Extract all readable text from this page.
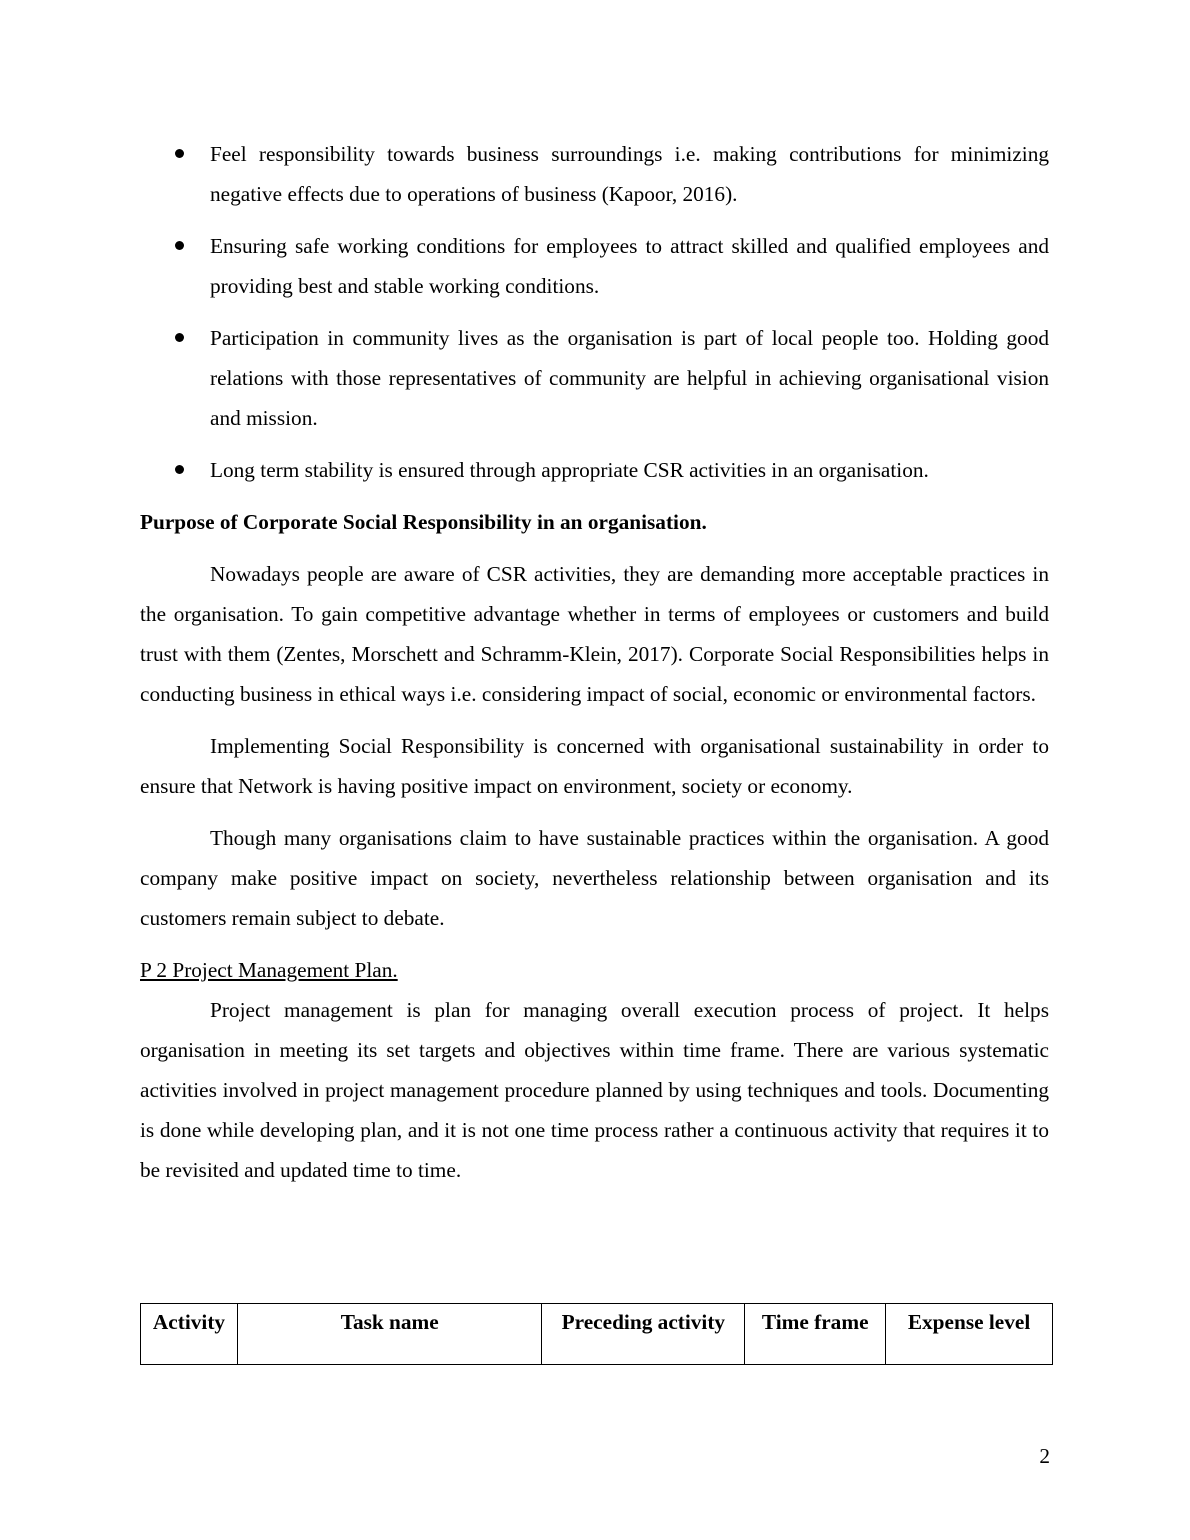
Feel responsibility towards business surroundings i.e. making contributions for minimizing negative effects due to operations of business (Kapoor, 2016).
Ensuring safe working conditions for employees to attract skilled and qualified employees and providing best and stable working conditions.
Participation in community lives as the organisation is part of local people too. Holding good relations with those representatives of community are helpful in achieving organisational vision and mission.
Long term stability is ensured through appropriate CSR activities in an organisation.

Purpose of Corporate Social Responsibility in an organisation.

Nowadays people are aware of CSR activities, they are demanding more acceptable practices in the organisation. To gain competitive advantage whether in terms of employees or customers and build trust with them (Zentes, Morschett and Schramm-Klein, 2017). Corporate Social Responsibilities helps in conducting business in ethical ways i.e. considering impact of social, economic or environmental factors.

Implementing Social Responsibility is concerned with organisational sustainability in order to ensure that Network is having positive impact on environment, society or economy.

Though many organisations claim to have sustainable practices within the organisation. A good company make positive impact on society, nevertheless relationship between organisation and its customers remain subject to debate.

P 2 Project Management Plan.

Project management is plan for managing overall execution process of project. It helps organisation in meeting its set targets and objectives within time frame. There are various systematic activities involved in project management procedure planned by using techniques and tools. Documenting is done while developing plan, and it is not one time process rather a continuous activity that requires it to be revisited and updated time to time.

Activity	Task name	Preceding activity	Time frame	Expense level
2
